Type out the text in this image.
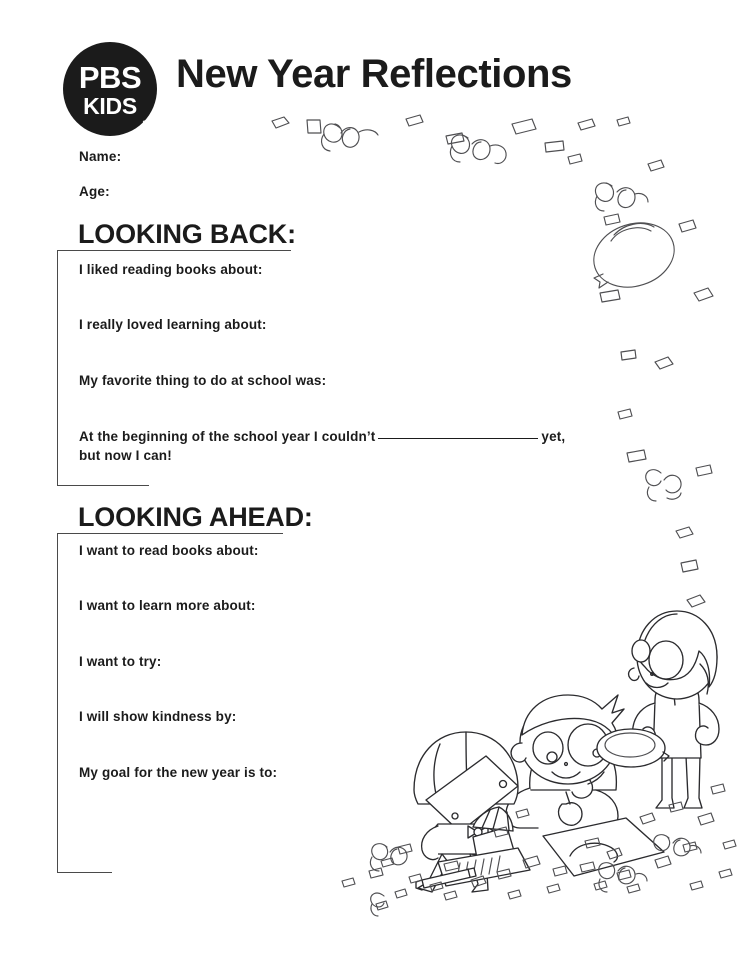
PBS
KIDS
SM
New Year Reflections
Name:
Age:
LOOKING BACK:
I liked reading books about:
I really loved learning about:
My favorite thing to do at school was:
At the beginning of the school year I couldn’t	yet,
but now I can!
LOOKING AHEAD:
I want to read books about:
I want to learn more about:
I want to try:
I will show kindness by:
My goal for the new year is to:
